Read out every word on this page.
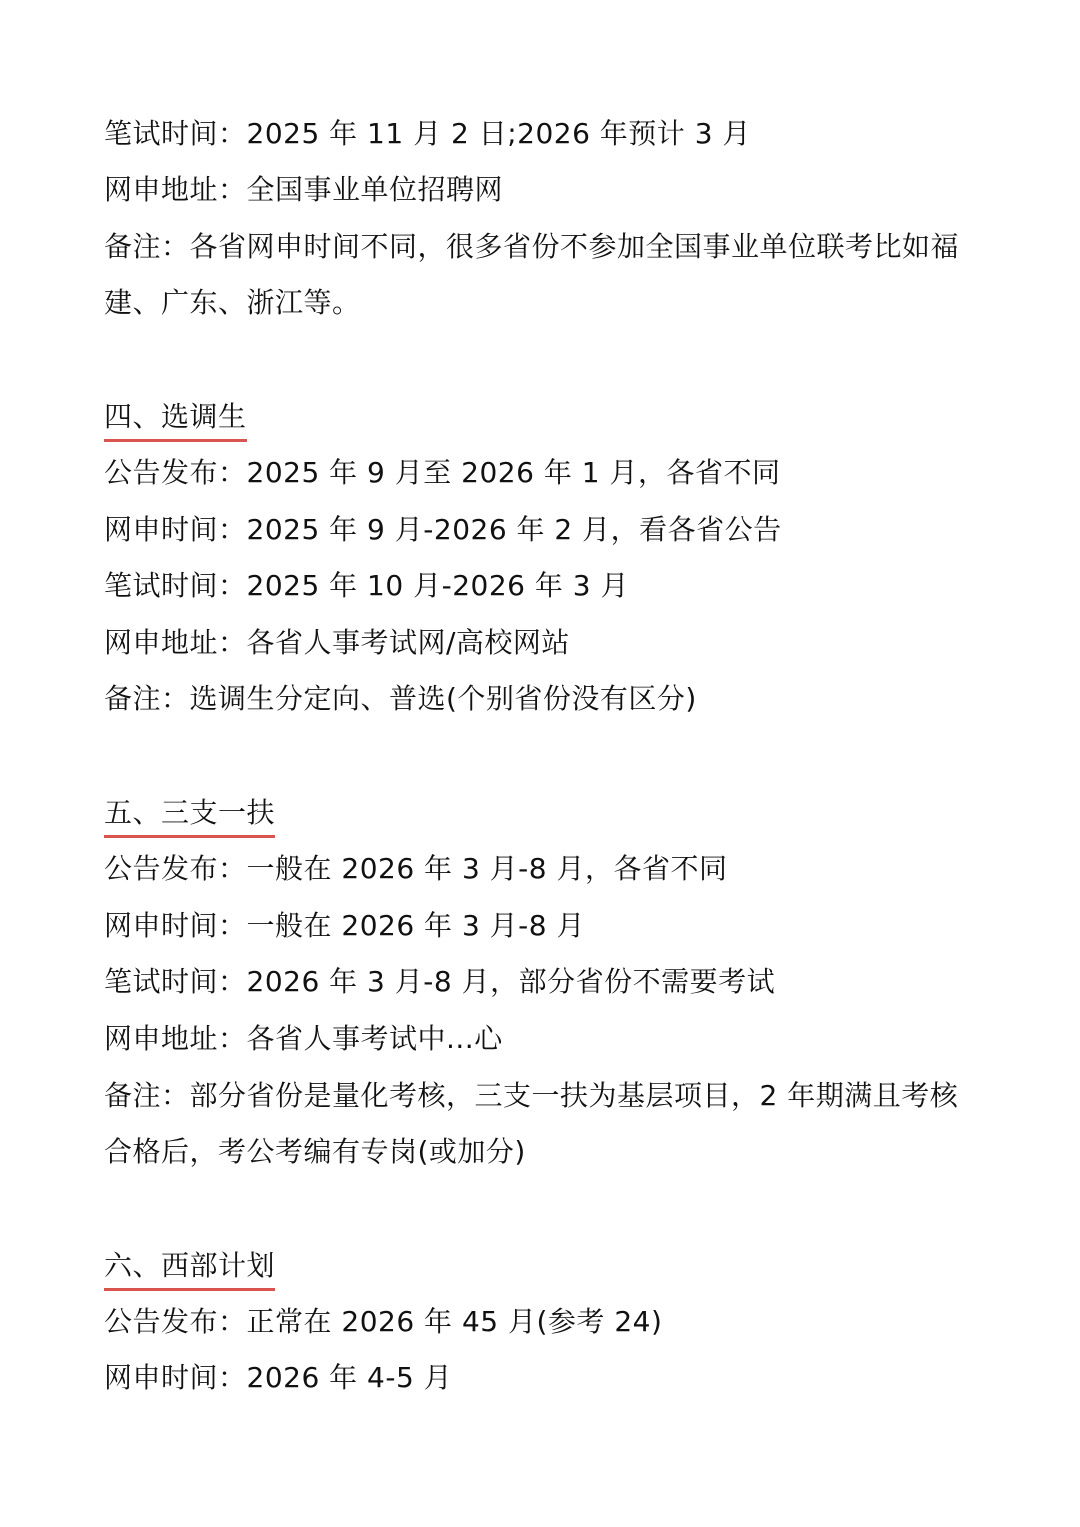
笔试时间：2025 年 11 月 2 日;2026 年预计 3 月
网申地址：全国事业单位招聘网
备注：各省网申时间不同，很多省份不参加全国事业单位联考比如福
建、广东、浙江等。
四、选调生
公告发布：2025 年 9 月至 2026 年 1 月，各省不同
网申时间：2025 年 9 月-2026 年 2 月，看各省公告
笔试时间：2025 年 10 月-2026 年 3 月
网申地址：各省人事考试网/高校网站
备注：选调生分定向、普选(个别省份没有区分)
五、三支一扶
公告发布：一般在 2026 年 3 月-8 月，各省不同
网申时间：一般在 2026 年 3 月-8 月
笔试时间：2026 年 3 月-8 月，部分省份不需要考试
网申地址：各省人事考试中...心
备注：部分省份是量化考核，三支一扶为基层项目，2 年期满且考核
合格后，考公考编有专岗(或加分)
六、西部计划
公告发布：正常在 2026 年 45 月(参考 24)
网申时间：2026 年 4-5 月
